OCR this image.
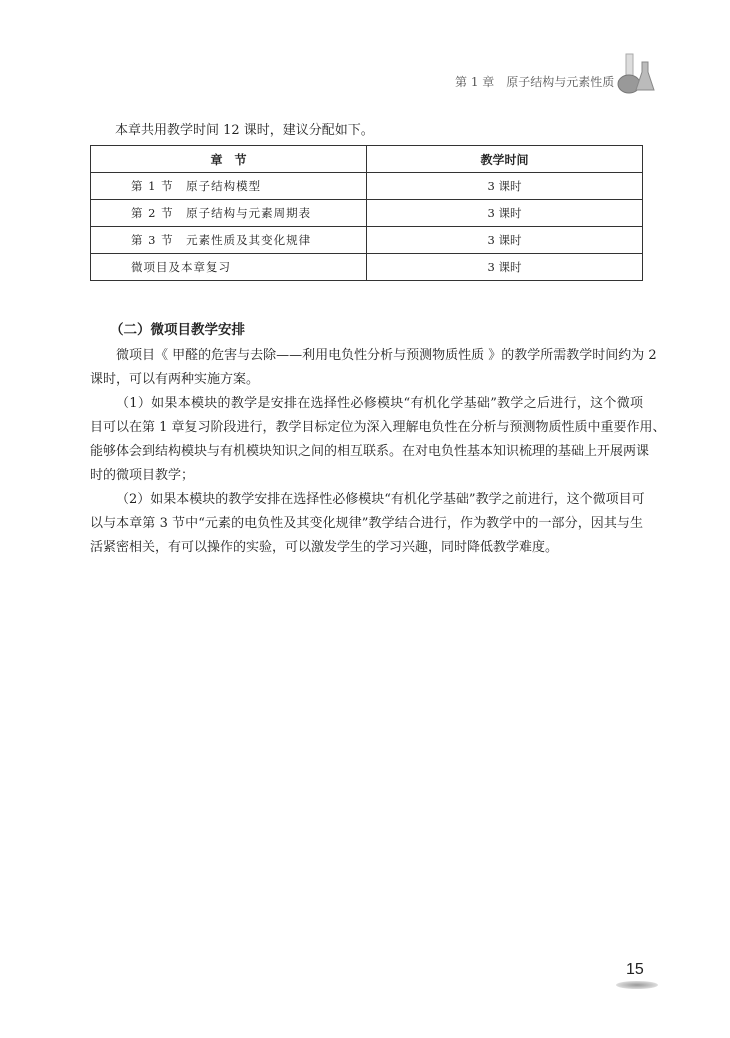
第 1 章　原子结构与元素性质
本章共用教学时间 12 课时，建议分配如下。
章　节	教学时间
第 1 节　原子结构模型	3 课时
第 2 节　原子结构与元素周期表	3 课时
第 3 节　元素性质及其变化规律	3 课时
微项目及本章复习	3 课时
（二）微项目教学安排
微项目《 甲醛的危害与去除——利用电负性分析与预测物质性质 》的教学所需教学时间约为 2
课时，可以有两种实施方案。
（1）如果本模块的教学是安排在选择性必修模块“有机化学基础”教学之后进行，这个微项
目可以在第 1 章复习阶段进行，教学目标定位为深入理解电负性在分析与预测物质性质中重要作用、
能够体会到结构模块与有机模块知识之间的相互联系。在对电负性基本知识梳理的基础上开展两课
时的微项目教学；
（2）如果本模块的教学安排在选择性必修模块“有机化学基础”教学之前进行，这个微项目可
以与本章第 3 节中“元素的电负性及其变化规律”教学结合进行，作为教学中的一部分，因其与生
活紧密相关，有可以操作的实验，可以激发学生的学习兴趣，同时降低教学难度。
15
